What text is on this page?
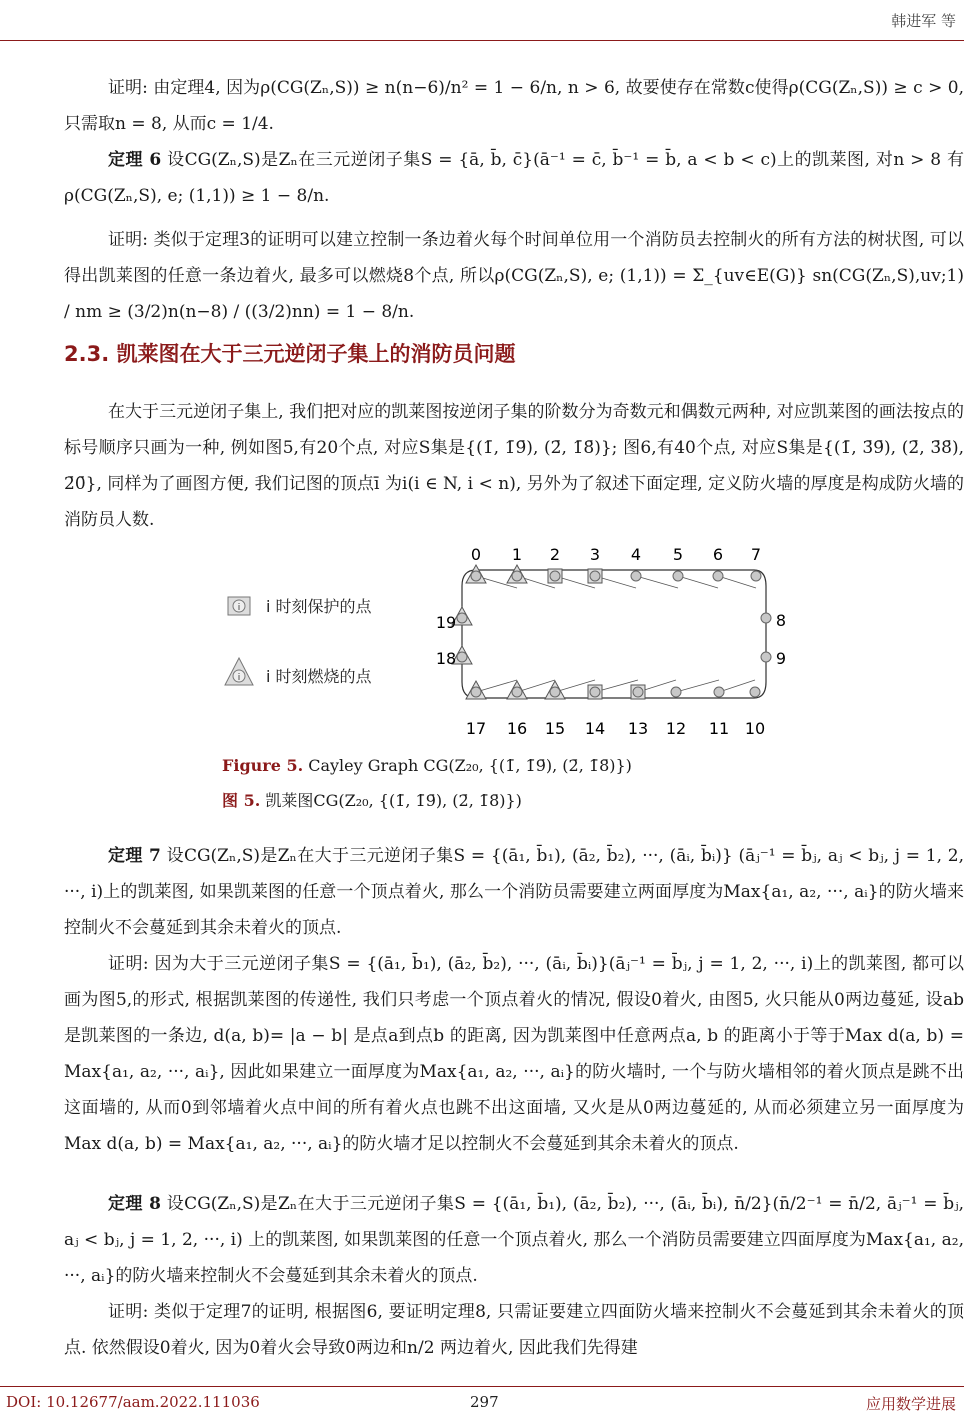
韩进军 等
证明: 由定理4, 因为ρ(CG(Zₙ,S)) ≥ n(n−6)/n² = 1 − 6/n, n > 6, 故要使存在常数c使得ρ(CG(Zₙ,S)) ≥ c > 0, 只需取n = 8, 从而c = 1/4.
定理 6 设CG(Zₙ,S)是Zₙ在三元逆闭子集S = {ā, b̄, c̄}(ā⁻¹ = c̄, b̄⁻¹ = b̄, a < b < c)上的凯莱图, 对n > 8 有ρ(CG(Zₙ,S), e; (1,1)) ≥ 1 − 8/n.
证明: 类似于定理3的证明可以建立控制一条边着火每个时间单位用一个消防员去控制火的所有方法的树状图, 可以得出凯莱图的任意一条边着火, 最多可以燃烧8个点, 所以ρ(CG(Zₙ,S), e; (1,1)) = Σ_{uv∈E(G)} sn(CG(Zₙ,S),uv;1) / nm ≥ (3/2)n(n−8) / ((3/2)nn) = 1 − 8/n.
2.3. 凯莱图在大于三元逆闭子集上的消防员问题
在大于三元逆闭子集上, 我们把对应的凯莱图按逆闭子集的阶数分为奇数元和偶数元两种, 对应凯莱图的画法按点的标号顺序只画为一种, 例如图5,有20个点, 对应S集是{(1̄, 1̄9̄), (2̄, 1̄8̄)}; 图6,有40个点, 对应S集是{(1̄, 3̄9̄), (2̄, 3̄8̄), 2̄0̄}, 同样为了画图方便, 我们记图的顶点ī 为i(i ∈ N, i < n), 另外为了叙述下面定理, 定义防火墙的厚度是构成防火墙的消防员人数.
i i 时刻保护的点
i i 时刻燃烧的点
0 1 2 3 4 5 6 7
17 16 15 14 13 12 11 10
19
18
8
9
Figure 5. Cayley Graph CG(Z₂₀, {(1̄, 1̄9̄), (2̄, 1̄8̄)})
图 5. 凯莱图CG(Z₂₀, {(1̄, 1̄9̄), (2̄, 1̄8̄)})
定理 7 设CG(Zₙ,S)是Zₙ在大于三元逆闭子集S = {(ā₁, b̄₁), (ā₂, b̄₂), ···, (āᵢ, b̄ᵢ)} (āⱼ⁻¹ = b̄ⱼ, aⱼ < bⱼ, j = 1, 2, ···, i)上的凯莱图, 如果凯莱图的任意一个顶点着火, 那么一个消防员需要建立两面厚度为Max{a₁, a₂, ···, aᵢ}的防火墙来控制火不会蔓延到其余未着火的顶点.
证明: 因为大于三元逆闭子集S = {(ā₁, b̄₁), (ā₂, b̄₂), ···, (āᵢ, b̄ᵢ)}(āⱼ⁻¹ = b̄ⱼ, j = 1, 2, ···, i)上的凯莱图, 都可以画为图5,的形式, 根据凯莱图的传递性, 我们只考虑一个顶点着火的情况, 假设0着火, 由图5, 火只能从0两边蔓延, 设ab 是凯莱图的一条边, d(a, b)= |a − b| 是点a到点b 的距离, 因为凯莱图中任意两点a, b 的距离小于等于Max d(a, b) = Max{a₁, a₂, ···, aᵢ}, 因此如果建立一面厚度为Max{a₁, a₂, ···, aᵢ}的防火墙时, 一个与防火墙相邻的着火顶点是跳不出这面墙的, 从而0到邻墙着火点中间的所有着火点也跳不出这面墙, 又火是从0两边蔓延的, 从而必须建立另一面厚度为Max d(a, b) = Max{a₁, a₂, ···, aᵢ}的防火墙才足以控制火不会蔓延到其余未着火的顶点.
定理 8 设CG(Zₙ,S)是Zₙ在大于三元逆闭子集S = {(ā₁, b̄₁), (ā₂, b̄₂), ···, (āᵢ, b̄ᵢ), n̄/2}(n̄/2⁻¹ = n̄/2, āⱼ⁻¹ = b̄ⱼ, aⱼ < bⱼ, j = 1, 2, ···, i) 上的凯莱图, 如果凯莱图的任意一个顶点着火, 那么一个消防员需要建立四面厚度为Max{a₁, a₂, ···, aᵢ}的防火墙来控制火不会蔓延到其余未着火的顶点.
证明: 类似于定理7的证明, 根据图6, 要证明定理8, 只需证要建立四面防火墙来控制火不会蔓延到其余未着火的顶点. 依然假设0着火, 因为0着火会导致0两边和n/2 两边着火, 因此我们先得建
DOI: 10.12677/aam.2022.111036	297	应用数学进展
